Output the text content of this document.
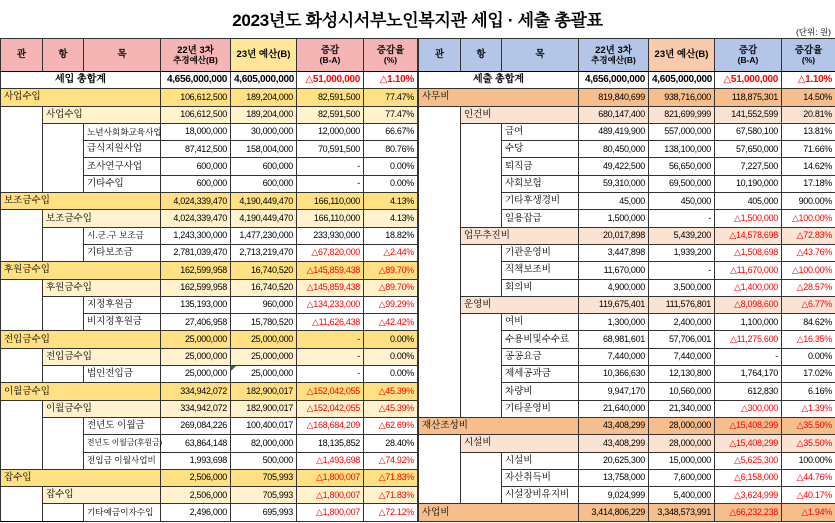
2023년도 화성시서부노인복지관 세입 · 세출 총괄표
(단위: 원)
관	항	목	22년 3차
추경예산(B)	23년 예산(B)	증감
(B-A)	증감율
(%)

세입 총합계			4,656,000,000	4,605,000,000	△51,000,000	△1.10%
사업수입			106,612,500	189,204,000	82,591,500	77.47%
	사업수입		106,612,500	189,204,000	82,591,500	77.47%
		노년사회화교육사업	18,000,000	30,000,000	12,000,000	66.67%
		급식지원사업	87,412,500	158,004,000	70,591,500	80.76%
		조사연구사업	600,000	600,000	-	0.00%
		기타수입	600,000	600,000	-	0.00%
보조금수입			4,024,339,470	4,190,449,470	166,110,000	4.13%
	보조금수입		4,024,339,470	4,190,449,470	166,110,000	4.13%
		시.군.구 보조금	1,243,300,000	1,477,230,000	233,930,000	18.82%
		기타보조금	2,781,039,470	2,713,219,470	△67,820,000	△2.44%
후원금수입			162,599,958	16,740,520	△145,859,438	△89.70%
	후원금수입		162,599,958	16,740,520	△145,859,438	△89.70%
		지정후원금	135,193,000	960,000	△134,233,000	△99.29%
		비지정후원금	27,406,958	15,780,520	△11,626,438	△42.42%
전입금수입			25,000,000	25,000,000	-	0.00%
	전입금수입		25,000,000	25,000,000	-	0.00%
		법인전입금	25,000,000	25,000,000	-	0.00%
이월금수입			334,942,072	182,900,017	△152,042,055	△45.39%
	이월금수입		334,942,072	182,900,017	△152,042,055	△45.39%
		전년도 이월금	269,084,226	100,400,017	△168,684,209	△62.69%
		전년도 이월금(후원금)	63,864,148	82,000,000	18,135,852	28.40%
		전입금 이월사업비	1,993,698	500,000	△1,493,698	△74.92%
잡수입			2,506,000	705,993	△1,800,007	△71.83%
	잡수입		2,506,000	705,993	△1,800,007	△71.83%
		기타예금이자수입	2,496,000	695,993	△1,800,007	△72.12%
관	항	목	22년 3차
추경예산(B)	23년 예산(B)	증감
(B-A)	증감율
(%)

세출 총합계			4,656,000,000	4,605,000,000	△51,000,000	△1.10%
사무비			819,840,699	938,716,000	118,875,301	14.50%
	인건비		680,147,400	821,699,999	141,552,599	20.81%
		급여	489,419,900	557,000,000	67,580,100	13.81%
		수당	80,450,000	138,100,000	57,650,000	71.66%
		퇴직금	49,422,500	56,650,000	7,227,500	14.62%
		사회보험	59,310,000	69,500,000	10,190,000	17.18%
		기타후생경비	45,000	450,000	405,000	900.00%
		일용잡급	1,500,000	-	△1,500,000	△100.00%
	업무추진비		20,017,898	5,439,200	△14,578,698	△72.83%
		기관운영비	3,447,898	1,939,200	△1,508,698	△43.76%
		직책보조비	11,670,000	-	△11,670,000	△100.00%
		회의비	4,900,000	3,500,000	△1,400,000	△28.57%
	운영비		119,675,401	111,576,801	△8,098,600	△6.77%
		여비	1,300,000	2,400,000	1,100,000	84.62%
		수용비및수수료	68,981,601	57,706,001	△11,275,600	△16.35%
		공공요금	7,440,000	7,440,000	-	0.00%
		제세공과금	10,366,630	12,130,800	1,764,170	17.02%
		차량비	9,947,170	10,560,000	612,830	6.16%
		기타운영비	21,640,000	21,340,000	△300,000	△1.39%
재산조성비			43,408,299	28,000,000	△15,408,299	△35.50%
	시설비		43,408,299	28,000,000	△15,408,299	△35.50%
		시설비	20,625,300	15,000,000	△5,625,300	100.00%
		자산취득비	13,758,000	7,600,000	△6,158,000	△44.76%
		시설장비유지비	9,024,999	5,400,000	△3,624,999	△40.17%
사업비			3,414,806,229	3,348,573,991	△66,232,238	△1.94%
